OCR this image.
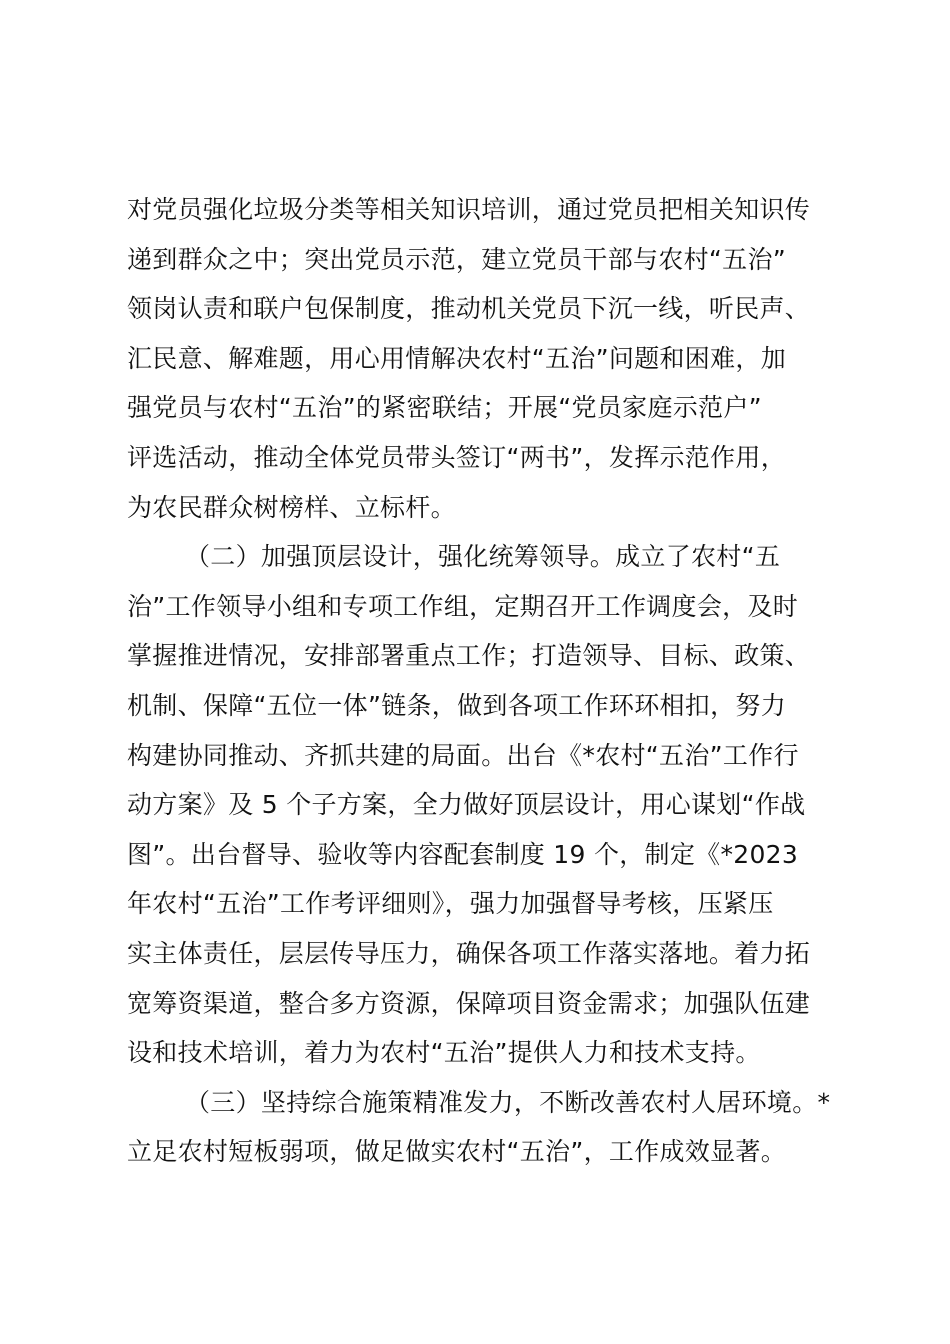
对党员强化垃圾分类等相关知识培训，通过党员把相关知识传
递到群众之中；突出党员示范，建立党员干部与农村“五治”
领岗认责和联户包保制度，推动机关党员下沉一线，听民声、
汇民意、解难题，用心用情解决农村“五治”问题和困难，加
强党员与农村“五治”的紧密联结；开展“党员家庭示范户”
评选活动，推动全体党员带头签订“两书”，发挥示范作用，
为农民群众树榜样、立标杆。
（二）加强顶层设计，强化统筹领导。成立了农村“五
治”工作领导小组和专项工作组，定期召开工作调度会，及时
掌握推进情况，安排部署重点工作；打造领导、目标、政策、
机制、保障“五位一体”链条，做到各项工作环环相扣，努力
构建协同推动、齐抓共建的局面。出台《*农村“五治”工作行
动方案》及 5 个子方案，全力做好顶层设计，用心谋划“作战
图”。出台督导、验收等内容配套制度 19 个，制定《*2023
年农村“五治”工作考评细则》，强力加强督导考核，压紧压
实主体责任，层层传导压力，确保各项工作落实落地。着力拓
宽筹资渠道，整合多方资源，保障项目资金需求；加强队伍建
设和技术培训，着力为农村“五治”提供人力和技术支持。
（三）坚持综合施策精准发力，不断改善农村人居环境。*
立足农村短板弱项，做足做实农村“五治”，工作成效显著。
